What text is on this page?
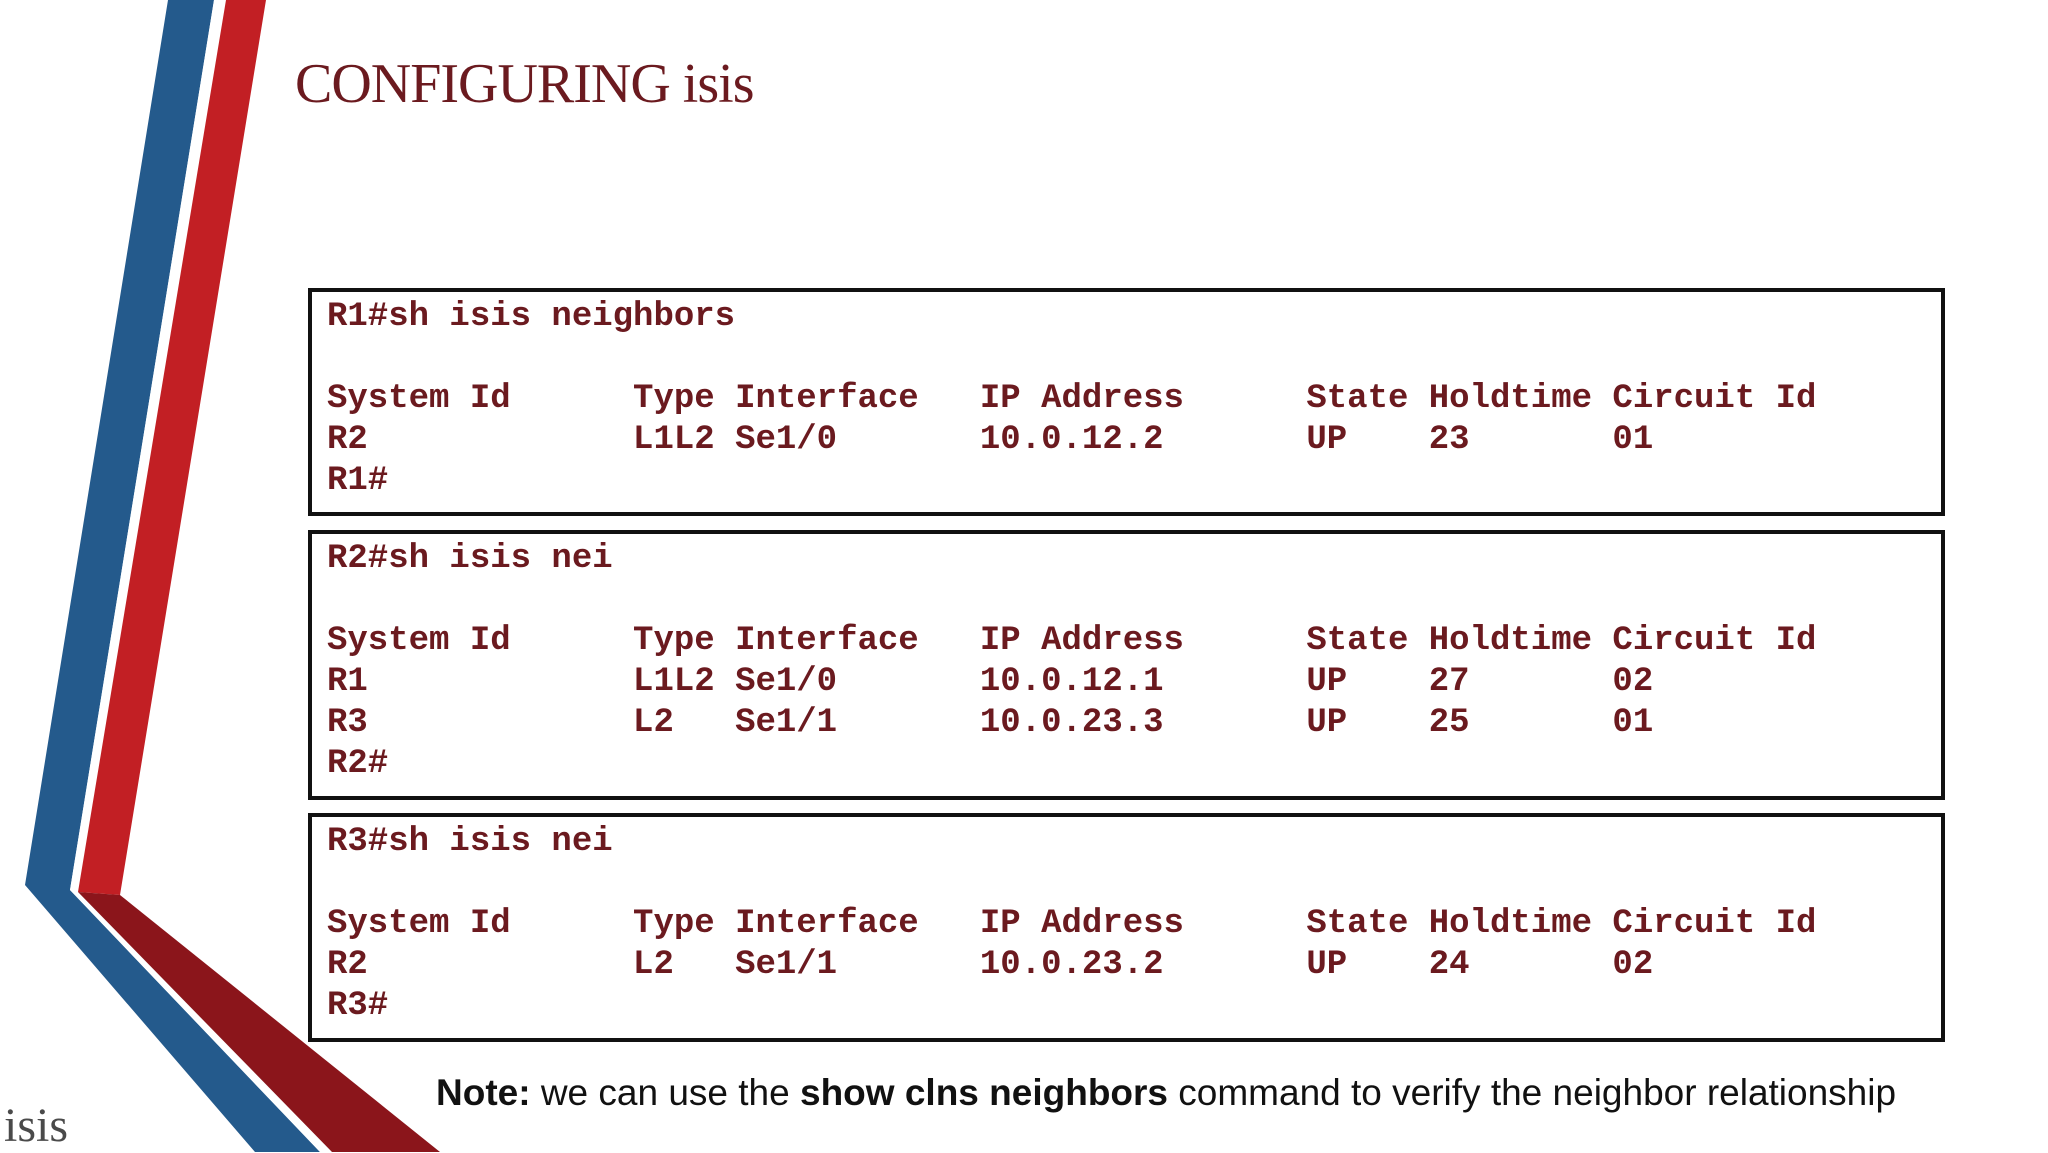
CONFIGURING isis
R1#sh isis neighbors

System Id      Type Interface   IP Address      State Holdtime Circuit Id
R2             L1L2 Se1/0       10.0.12.2       UP    23       01
R1#
R2#sh isis nei

System Id      Type Interface   IP Address      State Holdtime Circuit Id
R1             L1L2 Se1/0       10.0.12.1       UP    27       02
R3             L2   Se1/1       10.0.23.3       UP    25       01
R2#
R3#sh isis nei

System Id      Type Interface   IP Address      State Holdtime Circuit Id
R2             L2   Se1/1       10.0.23.2       UP    24       02
R3#
Note: we can use the show clns neighbors command to verify the neighbor relationship
isis
